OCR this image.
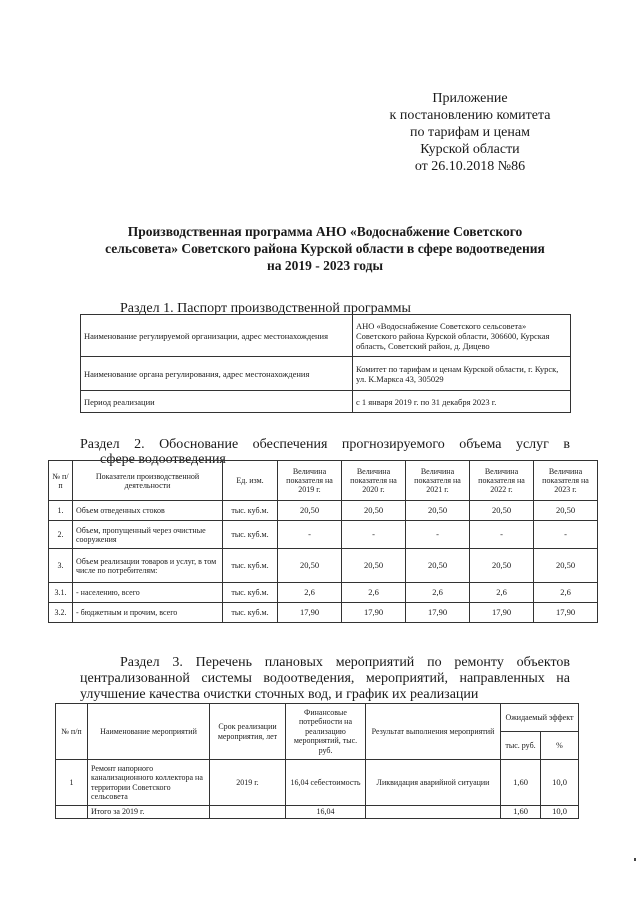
Приложение
к постановлению комитета
по тарифам и ценам
Курской области
от 26.10.2018 №86
Производственная программа АНО «Водоснабжение Советского
сельсовета» Советского района Курской области в сфере водоотведения
на 2019 - 2023 годы
Раздел 1. Паспорт производственной программы
Наименование регулируемой организации, адрес местонахождения	АНО «Водоснабжение Советского сельсовета» Советского района Курской области, 306600, Курская область, Советский район, д. Дицево
Наименование органа регулирования, адрес местонахождения	Комитет по тарифам и ценам Курской области, г. Курск, ул. К.Маркса 43, 305029
Период реализации	с 1 января 2019 г. по 31 декабря 2023 г.
Раздел 2. Обоснование обеспечения прогнозируемого объема услуг в
сфере водоотведения
№ п/п	Показатели производственной деятельности	Ед. изм.	Величина показателя на 2019 г.	Величина показателя на 2020 г.	Величина показателя на 2021 г.	Величина показателя на 2022 г.	Величина показателя на 2023 г.
1.	Объем отведенных стоков	тыс. куб.м.	20,50	20,50	20,50	20,50	20,50
2.	Объем, пропущенный через очистные сооружения	тыс. куб.м.	-	-	-	-	-
3.	Объем реализации товаров и услуг, в том числе по потребителям:	тыс. куб.м.	20,50	20,50	20,50	20,50	20,50
3.1.	- населению, всего	тыс. куб.м.	2,6	2,6	2,6	2,6	2,6
3.2.	- бюджетным и прочим, всего	тыс. куб.м.	17,90	17,90	17,90	17,90	17,90
Раздел 3. Перечень плановых мероприятий по ремонту объектов
централизованной системы водоотведения, мероприятий, направленных на
улучшение качества очистки сточных вод, и график их реализации
№ п/п	Наименование мероприятий	Срок реализации мероприятия, лет	Финансовые потребности на реализацию мероприятий, тыс. руб.	Результат выполнения мероприятий	Ожидаемый эффект	
					тыс. руб.	%
1	Ремонт напорного канализационного коллектора на территории Советского сельсовета	2019 г.	16,04 себестоимость	Ликвидация аварийной ситуации	1,60	10,0
	Итого за 2019 г.		16,04		1,60	10,0
